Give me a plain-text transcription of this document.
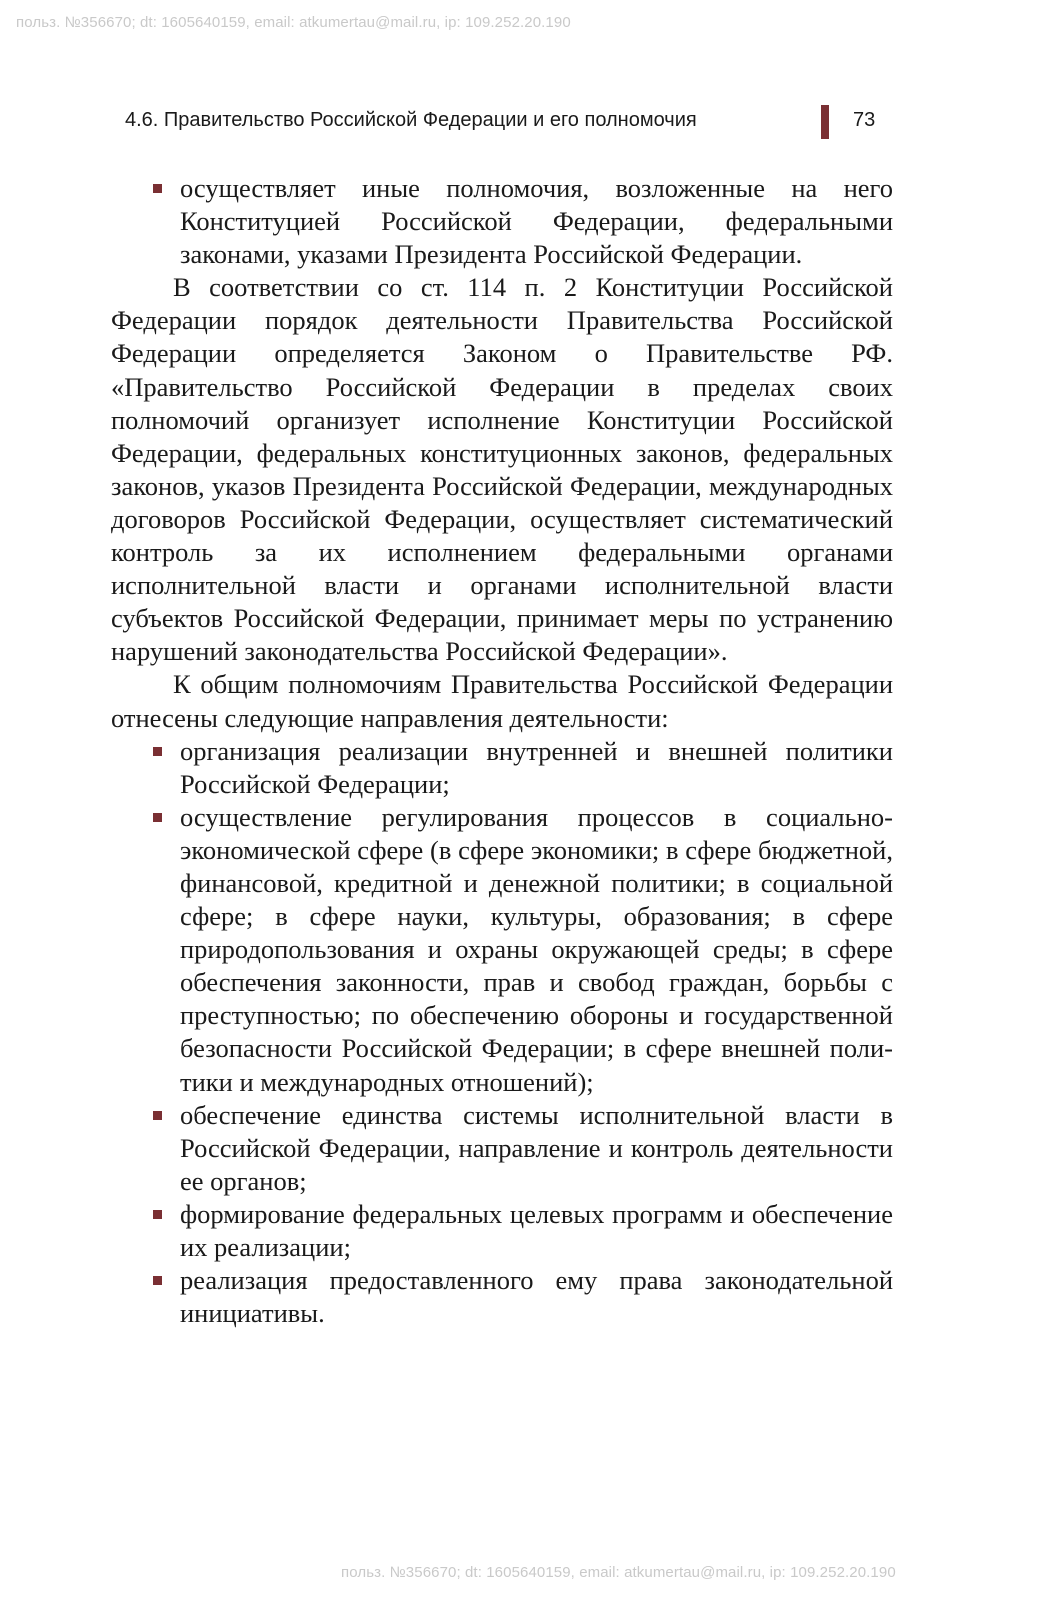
польз. №356670; dt: 1605640159, email: atkumertau@mail.ru, ip: 109.252.20.190
4.6. Правительство Российской Федерации и его полномочия	73
осуществляет иные полномочия, возложенные на него Конституцией Российской Федерации, федеральными законами, указами Президента Российской Федерации.

В соответствии со ст. 114 п. 2 Конституции Российской Федерации порядок деятельности Правительства Российской Федерации определяется Законом о Правительстве РФ. «Правительство Российской Федерации в пределах своих полномочий организует исполнение Конституции Российской Федерации, федеральных конституционных законов, федеральных законов, указов Президента Российской Федерации, международных договоров Российской Федерации, осуществляет систематический контроль за их исполнением федеральными органами исполнительной власти и органами исполнительной власти субъектов Российской Федерации, принимает меры по устранению нарушений законодательства Российской Федерации».

К общим полномочиям Правительства Российской Федерации отнесены следующие направления деятельности:

организация реализации внутренней и внешней политики Российской Федерации;
осуществление регулирования процессов в социально-экономической сфере (в сфере экономики; в сфере бюджетной, финансовой, кредитной и денежной политики; в социальной сфере; в сфере науки, культуры, образования; в сфере природопользования и охраны окружающей среды; в сфере обеспечения законности, прав и свобод граждан, борьбы с преступностью; по обеспечению обороны и государственной безопасности Российской Федерации; в сфере внешней политики и международных отношений);
обеспечение единства системы исполнительной власти в Российской Федерации, направление и контроль деятельности ее органов;
формирование федеральных целевых программ и обеспечение их реализации;
реализация предоставленного ему права законодательной инициативы.
польз. №356670; dt: 1605640159, email: atkumertau@mail.ru, ip: 109.252.20.190
